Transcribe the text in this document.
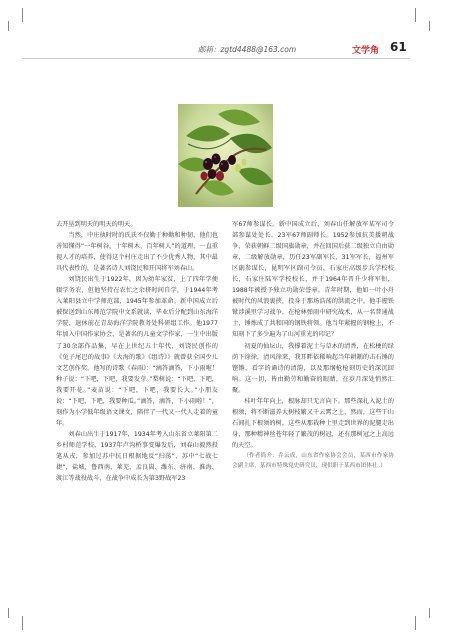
邮箱：zgtd4488@163.com	文学角 61

去开垦到明天的明天的明天。

当然，中庄执时时的氏氏不仅勤于种勤和种韧，他们也善知懂得“一年树谷，十年树木，百年树人”的道理，一直重视人才的培养，使得这个村庄走出了不少优秀人物，其中最具代表性的，是著名诗人刘饶民和开国将军刘春山。

刘饶民出生于1922年，因为幼年家贫，上了四年学便辍学务农，但他坚持在农忙之余挤时间自学，于1944年考入莱阳县立中学师范部，1945年参加革命。新中国成立后被保送到山东师范学院中文系就读，毕业后分配到山东海洋学院，退休前在青岛海洋学院教务处科研组工作。他1977年加入中国作家协会，是著名的儿童文学作家，一生中出版了30余部作品集，早在上世纪五十年代，刘饶民创作的《兔子尾巴的故事》《大海的歌》《组诗》》就曾获全国少儿文艺创作奖。他写的诗歌《春雨》：“滴答滴答，下小雨啦！种子说：“下吧，下吧，我要发芽。”梨树说：“下吧，下吧，我要开花。”麦苗说：“下吧，下吧，我要长大。”小朋友说：“下吧，下吧，我要种瓜。”滴答，滴答，下小雨啦！”，刻作为小学低年级语文课文，陪伴了一代又一代人走着的童年。

刘春山出生于1917年，1934年考入山东省立莱阳第二乡村师范学校，1937年卢沟桥事变爆发后，刘春山毅然投笔从戎，参加过苏中抗日根据地反“扫荡”、苏中“七战七捷”，盐城，鲁西南、莱芜、孟良崮、潍东、济南、淮海、渡江等战役战斗，在战争中成长为第3野战军23

军67师参谋长。新中国成立后，刘春山任解放军某军司令部参谋处处长，23军67师副师长。1952参加抗美援朝战争，荣获朝鲜二级国旗勋章，并在回国后获二级独立自由勋章，二级解放勋章，历任23军副军长，31军军长，福州军区副参谋长，昆明军区副司令员，石家庄高级步兵学校校长，石家庄陆军学校校长，并于1964年晋升少将军衔，1988年被授予独立功勋荣誉章。青年时期，他如一叶小舟被时代的风浪裹挟，投身于那场浩荡的洪流之中。他手握铁锨涉溪里学习战争，在枪林弹雨中研究战术，从一名普通战士，锤炼成了共和国的钢铁将领。他当年紧握的钢枪上，不知刻下了多少遍为了山河重光的印记？

初夏的仙坛山，我撑着泥土与草木的清香，在松梗的绿荫下徐徐，清风徐来，我耳畔依稀响起当年耕耦的击石锤的铿锵，看字的诵诗的清韵，以及那纲枪枪刻历史的深沉回响。这一切，皆由勤劳和勤奋的眼睛，在岁月深处悄然汇聚。

桂叶年年向上，根脉却只无言向下。那些深扎入泥土的根须，将不断滋养大树枝繁又千云霄之上，然而，这些干山石间扎下根须的树，这些从那栽种土里走到世界的泥腿走出身，那种精神丝苍年轻了繁茂的树冠，还有那树冠之上高远的天空。

（作者简介：乔云成，山东省作家协会会员，某西市作家协会副主席，某西市特殊党史研究员，现供职于某西市团体社。）
